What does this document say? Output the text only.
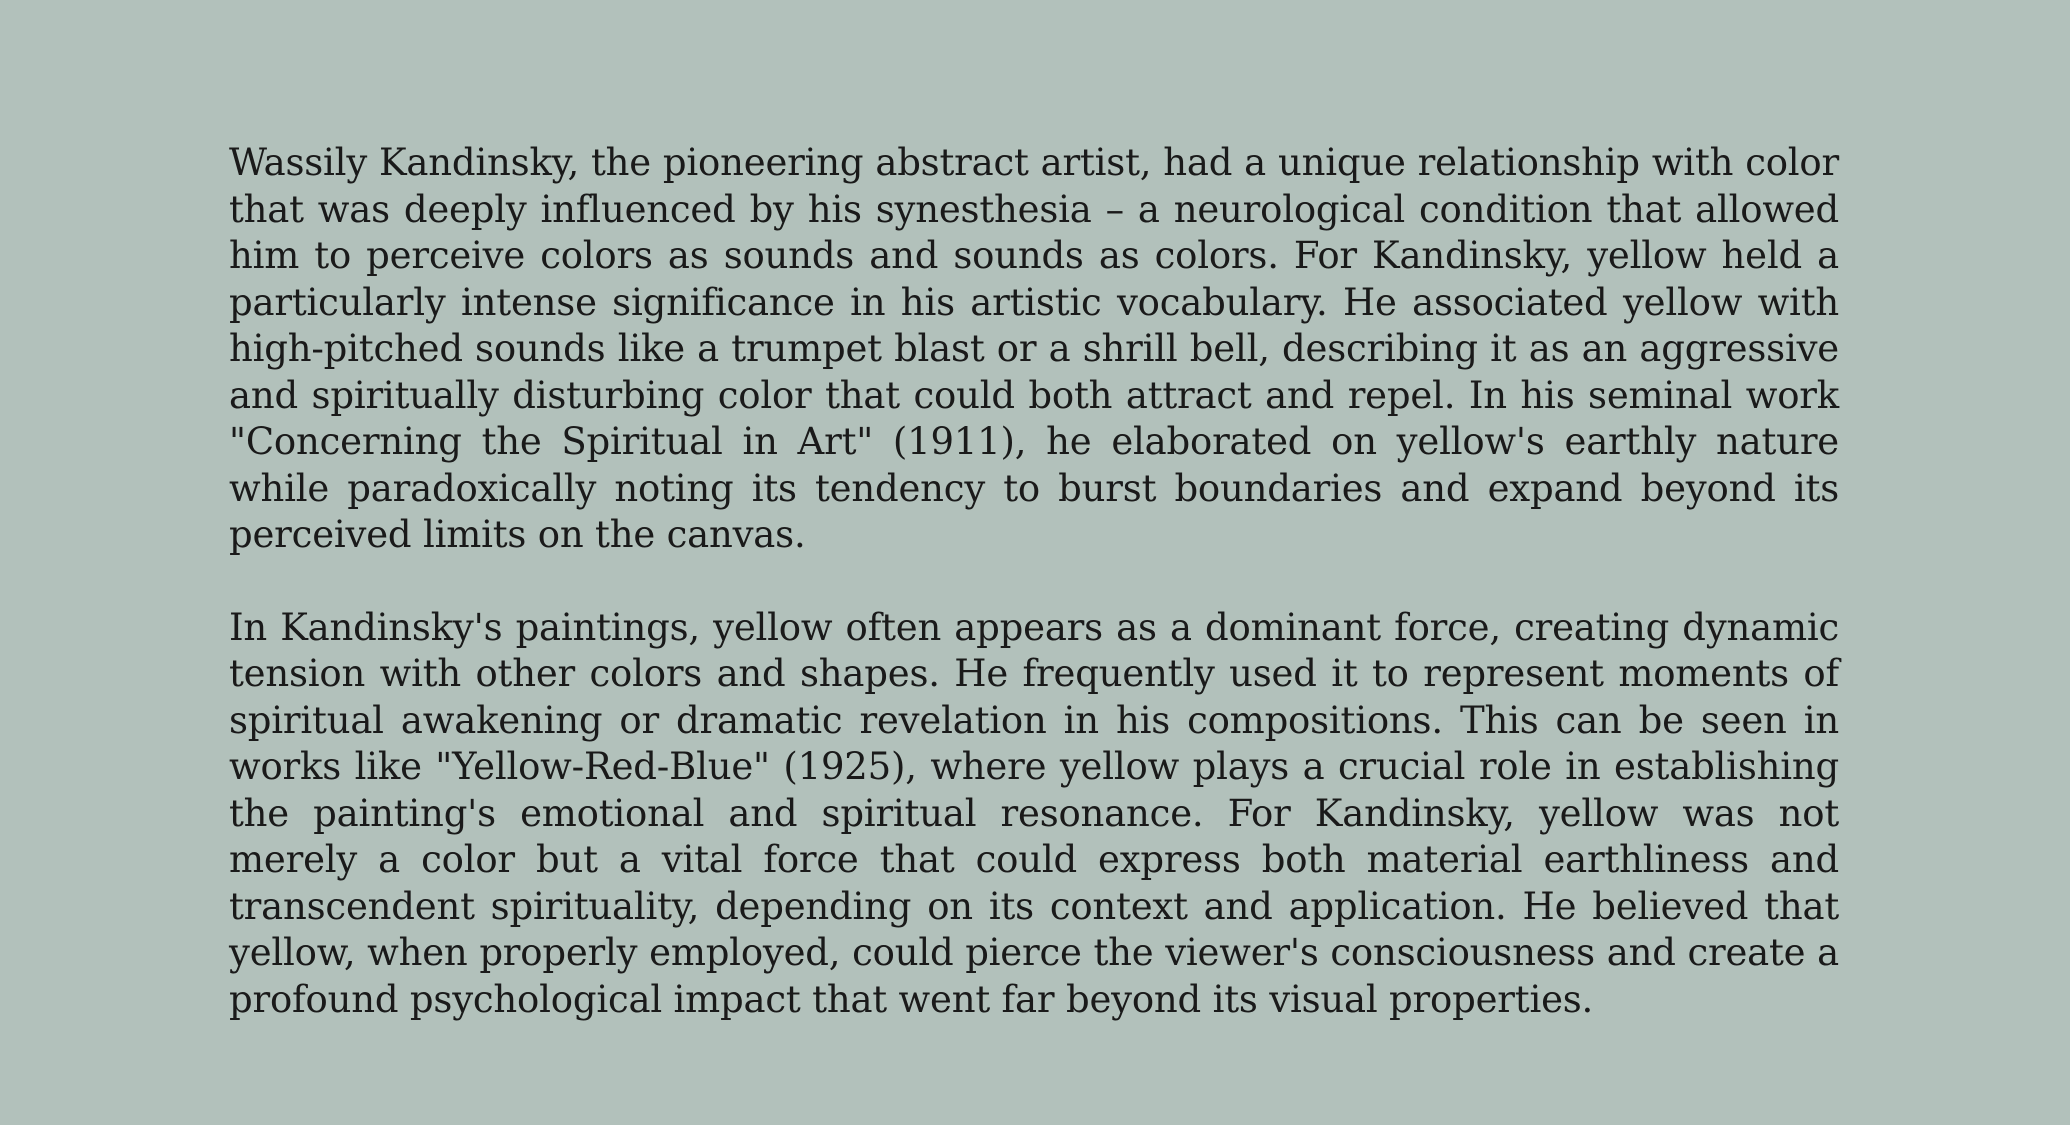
Wassily Kandinsky, the pioneering abstract artist, had a unique relationship with color that was deeply influenced by his synesthesia – a neurological condition that allowed him to perceive colors as sounds and sounds as colors. For Kandinsky, yellow held a particularly intense significance in his artistic vocabulary. He associated yellow with high-pitched sounds like a trumpet blast or a shrill bell, describing it as an aggressive and spiritually disturbing color that could both attract and repel. In his seminal work "Concerning the Spiritual in Art" (1911), he elaborated on yellow's earthly nature while paradoxically noting its tendency to burst boundaries and expand beyond its perceived limits on the canvas.

In Kandinsky's paintings, yellow often appears as a dominant force, creating dynamic tension with other colors and shapes. He frequently used it to represent moments of spiritual awakening or dramatic revelation in his compositions. This can be seen in works like "Yellow-Red-Blue" (1925), where yellow plays a crucial role in establishing the painting's emotional and spiritual resonance. For Kandinsky, yellow was not merely a color but a vital force that could express both material earthliness and transcendent spirituality, depending on its context and application. He believed that yellow, when properly employed, could pierce the viewer's consciousness and create a profound psychological impact that went far beyond its visual properties.
